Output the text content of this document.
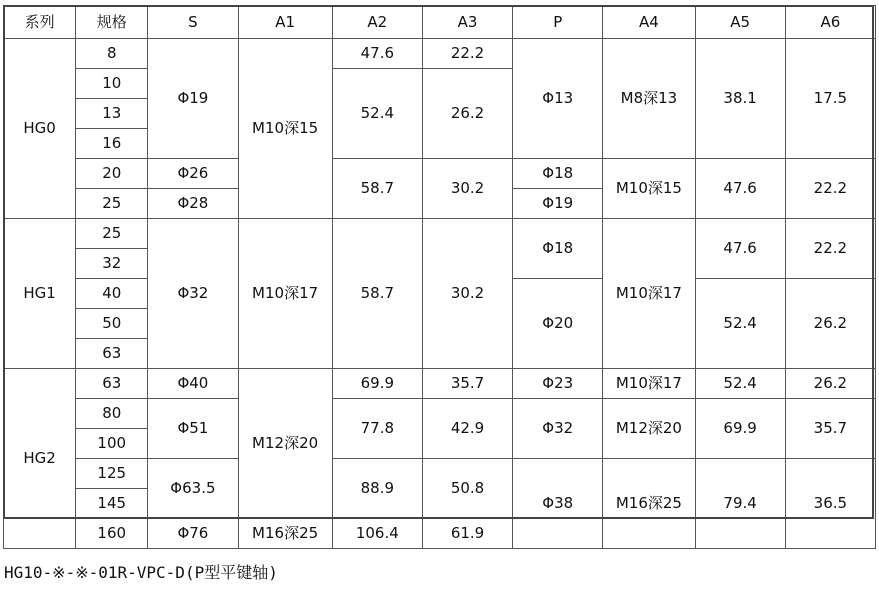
系列	规格	S	A1	A2	A3	P	A4	A5	A6
HG0	8	Φ19	M10深15	47.6	22.2	Φ13	M8深13	38.1	17.5
	10			52.4	26.2				
	13								
	16								
	20	Φ26		58.7	30.2	Φ18	M10深15	47.6	22.2
	25	Φ28				Φ19			
HG1	25	Φ32	M10深17	58.7	30.2	Φ18	M10深17	47.6	22.2
	32								
	40					Φ20		52.4	26.2
	50								
	63								
HG2	63	Φ40	M12深20	69.9	35.7	Φ23	M10深17	52.4	26.2
	80	Φ51		77.8	42.9	Φ32	M12深20	69.9	35.7
	100								
	125	Φ63.5		88.9	50.8	Φ38	M16深25	79.4	36.5
	145								
	160	Φ76	M16深25	106.4	61.9				
HG10-※-※-01R-VPC-D(P型平键轴)
